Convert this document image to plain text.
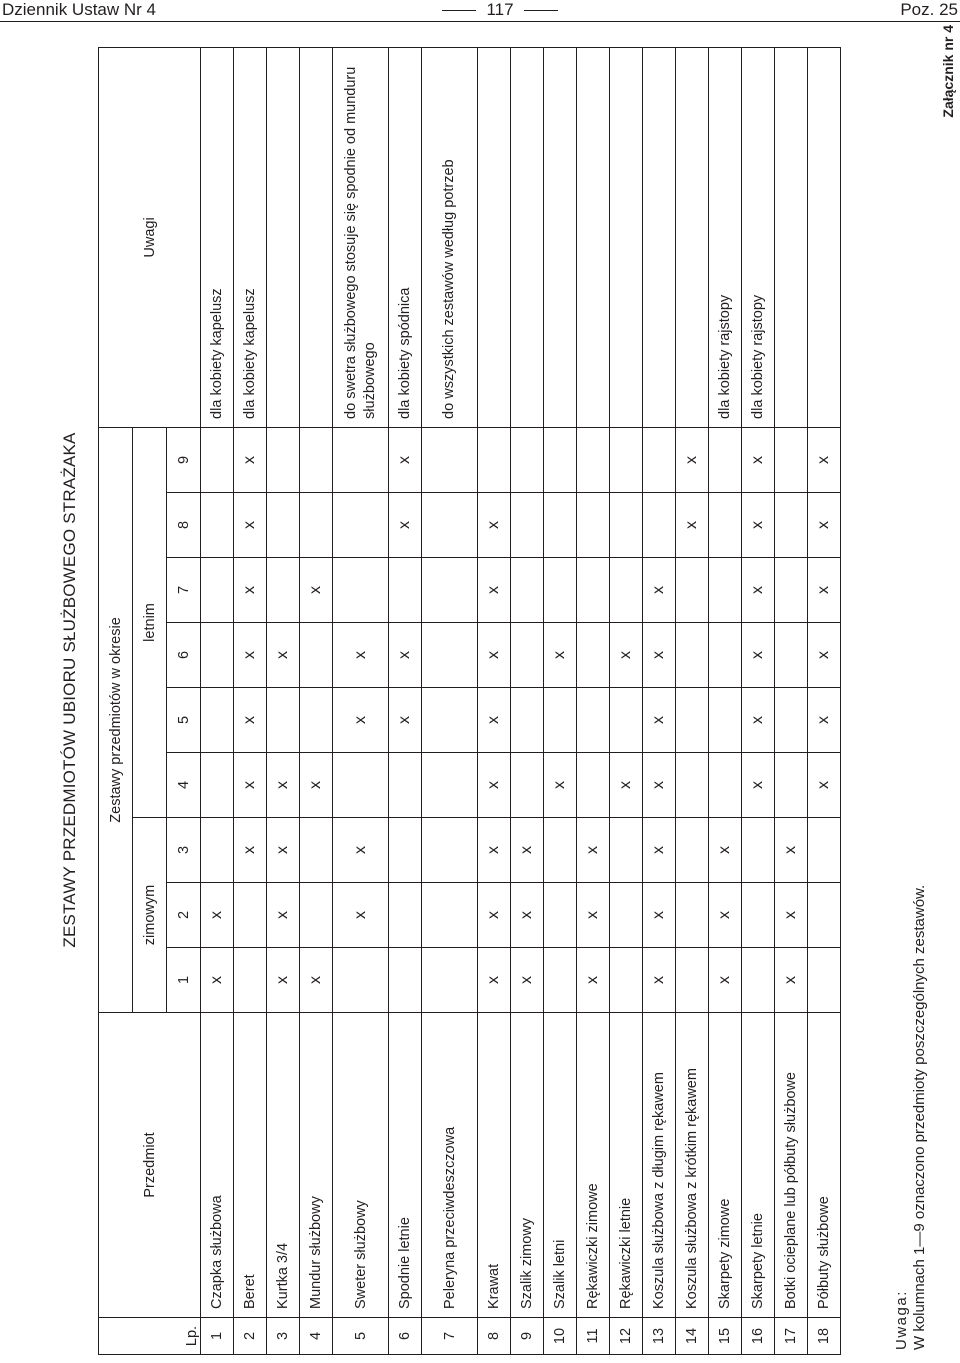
Dziennik Ustaw Nr 4	117	Poz. 25
Załącznik nr 4
ZESTAWY PRZEDMIOTÓW UBIORU SŁUŻBOWEGO STRAŻAKA
Lp.	Przedmiot	Zestawy przedmiotów w okresie									Uwagi
		zimowym			letnim						
		1	2	3	4	5	6	7	8	9	
1	Czapka służbowa	x	x								dla kobiety kapelusz
2	Beret			x	x	x	x	x	x	x	dla kobiety kapelusz
3	Kurtka 3/4	x	x	x	x		x				
4	Mundur służbowy	x			x			x			
5	Sweter służbowy		x	x		x	x				do swetra służbowego stosuje się spodnie od munduru służbowego
6	Spodnie letnie					x	x		x	x	dla kobiety spódnica
7	Peleryna przeciwdeszczowa										do wszystkich zestawów według potrzeb
8	Krawat	x	x	x	x	x	x	x	x		
9	Szalik zimowy	x	x	x							
10	Szalik letni				x		x				
11	Rękawiczki zimowe	x	x	x							
12	Rękawiczki letnie				x		x				
13	Koszula służbowa z długim rękawem	x	x	x	x	x	x	x			
14	Koszula służbowa z krótkim rękawem								x	x	
15	Skarpety zimowe	x	x	x							dla kobiety rajstopy
16	Skarpety letnie				x	x	x	x	x	x	dla kobiety rajstopy
17	Botki ocieplane lub półbuty służbowe	x	x	x							
18	Półbuty służbowe				x	x	x	x	x	x	
Uwaga: W kolumnach 1—9 oznaczono przedmioty poszczególnych zestawów.
